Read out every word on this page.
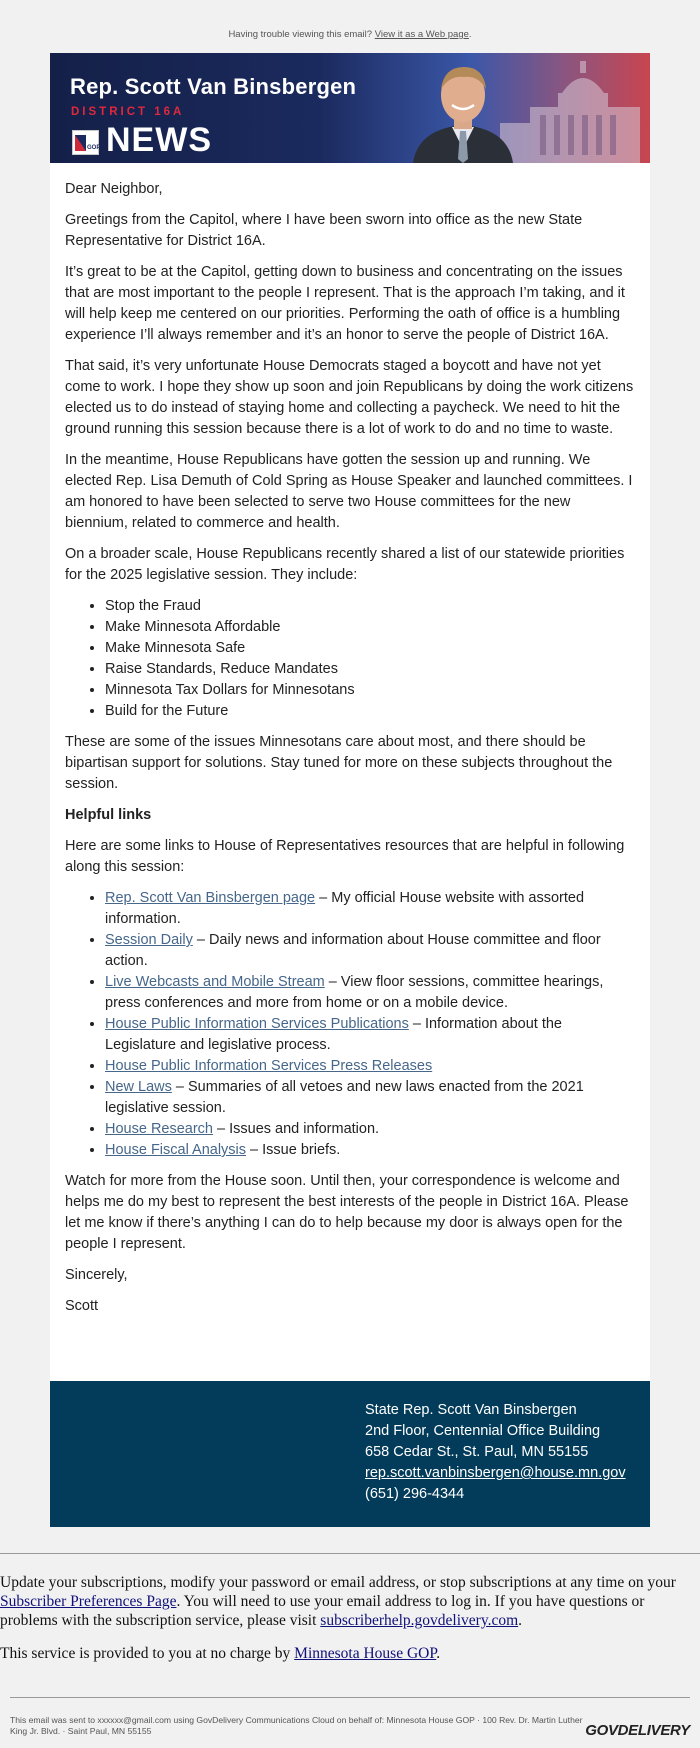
Having trouble viewing this email? View it as a Web page.
Rep. Scott Van Binsbergen
DISTRICT 16A
GOP NEWS

Dear Neighbor,

Greetings from the Capitol, where I have been sworn into office as the new State Representative for District 16A.

It’s great to be at the Capitol, getting down to business and concentrating on the issues that are most important to the people I represent. That is the approach I’m taking, and it will help keep me centered on our priorities. Performing the oath of office is a humbling experience I’ll always remember and it’s an honor to serve the people of District 16A.

That said, it’s very unfortunate House Democrats staged a boycott and have not yet come to work. I hope they show up soon and join Republicans by doing the work citizens elected us to do instead of staying home and collecting a paycheck. We need to hit the ground running this session because there is a lot of work to do and no time to waste.

In the meantime, House Republicans have gotten the session up and running. We elected Rep. Lisa Demuth of Cold Spring as House Speaker and launched committees. I am honored to have been selected to serve two House committees for the new biennium, related to commerce and health.

On a broader scale, House Republicans recently shared a list of our statewide priorities for the 2025 legislative session. They include:

• Stop the Fraud
• Make Minnesota Affordable
• Make Minnesota Safe
• Raise Standards, Reduce Mandates
• Minnesota Tax Dollars for Minnesotans
• Build for the Future

These are some of the issues Minnesotans care about most, and there should be bipartisan support for solutions. Stay tuned for more on these subjects throughout the session.

Helpful links

Here are some links to House of Representatives resources that are helpful in following along this session:

• Rep. Scott Van Binsbergen page – My official House website with assorted information.
• Session Daily – Daily news and information about House committee and floor action.
• Live Webcasts and Mobile Stream – View floor sessions, committee hearings, press conferences and more from home or on a mobile device.
• House Public Information Services Publications – Information about the Legislature and legislative process.
• House Public Information Services Press Releases
• New Laws – Summaries of all vetoes and new laws enacted from the 2021 legislative session.
• House Research – Issues and information.
• House Fiscal Analysis – Issue briefs.

Watch for more from the House soon. Until then, your correspondence is welcome and helps me do my best to represent the best interests of the people in District 16A. Please let me know if there’s anything I can do to help because my door is always open for the people I represent.

Sincerely,

Scott

State Rep. Scott Van Binsbergen
2nd Floor, Centennial Office Building
658 Cedar St., St. Paul, MN 55155
rep.scott.vanbinsbergen@house.mn.gov
(651) 296-4344

Update your subscriptions, modify your password or email address, or stop subscriptions at any time on your Subscriber Preferences Page. You will need to use your email address to log in. If you have questions or problems with the subscription service, please visit subscriberhelp.govdelivery.com.

This service is provided to you at no charge by Minnesota House GOP.

This email was sent to xxxxxx@gmail.com using GovDelivery Communications Cloud on behalf of: Minnesota House GOP · 100 Rev. Dr. Martin Luther King Jr. Blvd. · Saint Paul, MN 55155	GOVDELIVERY
